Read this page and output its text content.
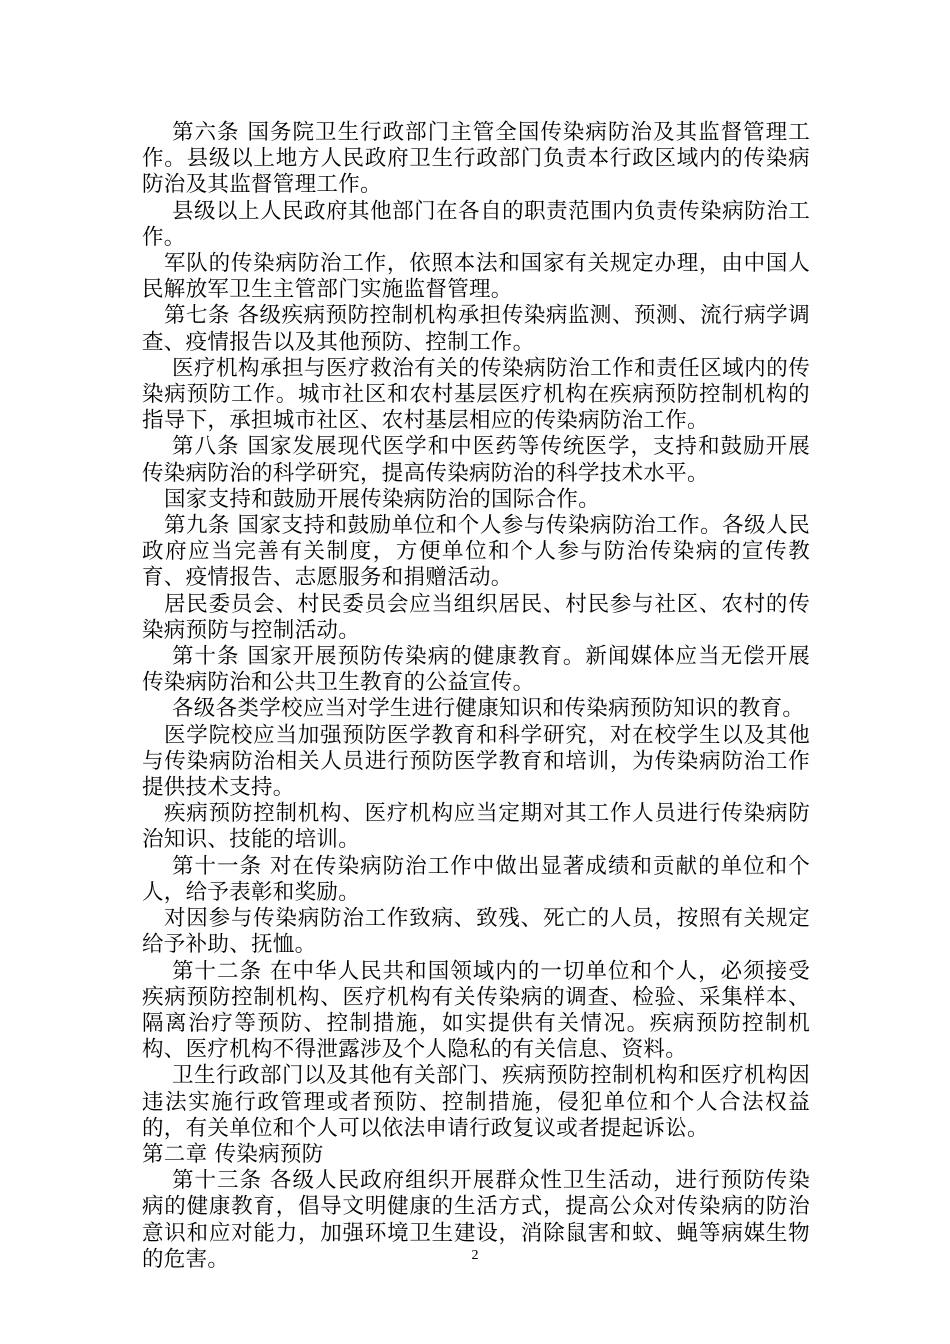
第六条 国务院卫生行政部门主管全国传染病防治及其监督管理工作。县级以上地方人民政府卫生行政部门负责本行政区域内的传染病防治及其监督管理工作。

县级以上人民政府其他部门在各自的职责范围内负责传染病防治工作。

军队的传染病防治工作，依照本法和国家有关规定办理，由中国人民解放军卫生主管部门实施监督管理。

第七条 各级疾病预防控制机构承担传染病监测、预测、流行病学调查、疫情报告以及其他预防、控制工作。

医疗机构承担与医疗救治有关的传染病防治工作和责任区域内的传染病预防工作。城市社区和农村基层医疗机构在疾病预防控制机构的指导下，承担城市社区、农村基层相应的传染病防治工作。

第八条 国家发展现代医学和中医药等传统医学，支持和鼓励开展传染病防治的科学研究，提高传染病防治的科学技术水平。

国家支持和鼓励开展传染病防治的国际合作。

第九条 国家支持和鼓励单位和个人参与传染病防治工作。各级人民政府应当完善有关制度，方便单位和个人参与防治传染病的宣传教育、疫情报告、志愿服务和捐赠活动。

居民委员会、村民委员会应当组织居民、村民参与社区、农村的传染病预防与控制活动。

第十条 国家开展预防传染病的健康教育。新闻媒体应当无偿开展传染病防治和公共卫生教育的公益宣传。

各级各类学校应当对学生进行健康知识和传染病预防知识的教育。

医学院校应当加强预防医学教育和科学研究，对在校学生以及其他与传染病防治相关人员进行预防医学教育和培训，为传染病防治工作提供技术支持。

疾病预防控制机构、医疗机构应当定期对其工作人员进行传染病防治知识、技能的培训。

第十一条 对在传染病防治工作中做出显著成绩和贡献的单位和个人，给予表彰和奖励。

对因参与传染病防治工作致病、致残、死亡的人员，按照有关规定给予补助、抚恤。

第十二条 在中华人民共和国领域内的一切单位和个人，必须接受疾病预防控制机构、医疗机构有关传染病的调查、检验、采集样本、隔离治疗等预防、控制措施，如实提供有关情况。疾病预防控制机构、医疗机构不得泄露涉及个人隐私的有关信息、资料。

卫生行政部门以及其他有关部门、疾病预防控制机构和医疗机构因违法实施行政管理或者预防、控制措施，侵犯单位和个人合法权益的，有关单位和个人可以依法申请行政复议或者提起诉讼。

第二章 传染病预防

第十三条 各级人民政府组织开展群众性卫生活动，进行预防传染病的健康教育，倡导文明健康的生活方式，提高公众对传染病的防治意识和应对能力，加强环境卫生建设，消除鼠害和蚊、蝇等病媒生物的危害。	2
